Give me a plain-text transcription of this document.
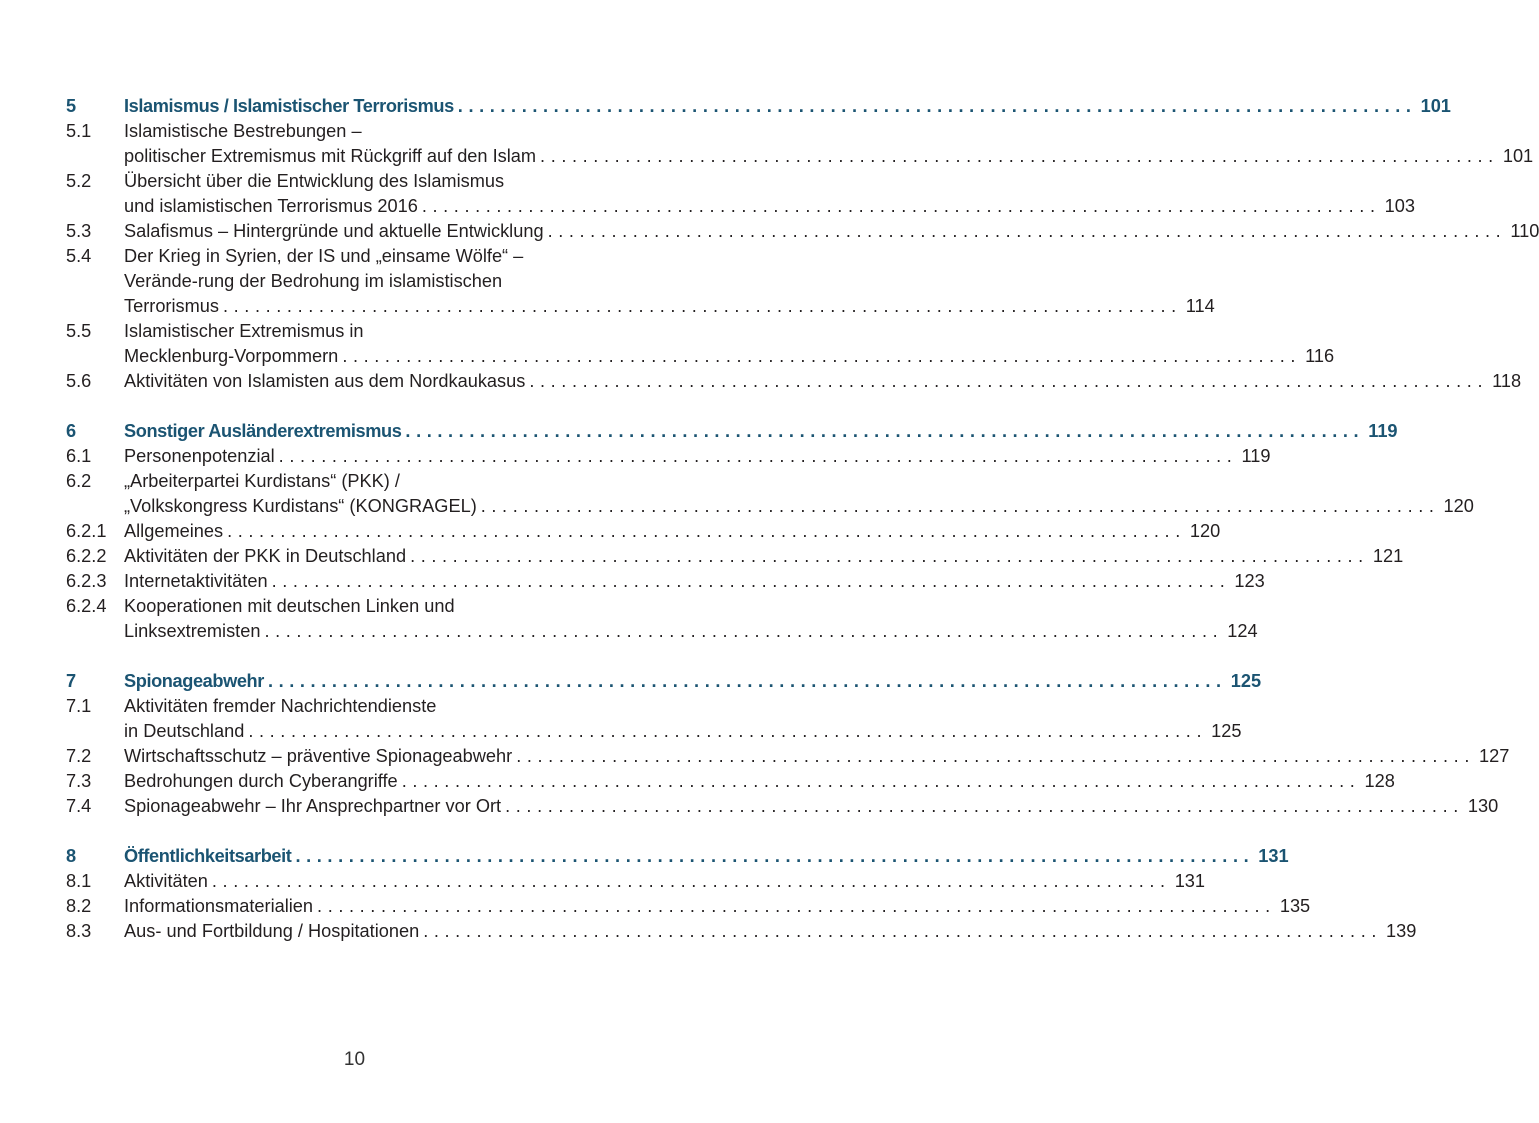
5	Islamismus / Islamistischer Terrorismus .......................................................................................... 101
5.1	Islamistische Bestrebungen –
politischer Extremismus mit Rückgriff auf den Islam .......................................................................................... 101
5.2	Übersicht über die Entwicklung des Islamismus
und islamistischen Terrorismus 2016 .......................................................................................... 103
5.3	Salafismus – Hintergründe und aktuelle Entwicklung .......................................................................................... 110
5.4	Der Krieg in Syrien, der IS und „einsame Wölfe“ –
Verände-rung der Bedrohung im islamistischen
Terrorismus .......................................................................................... 114
5.5	Islamistischer Extremismus in
Mecklenburg-Vorpommern .......................................................................................... 116
5.6	Aktivitäten von Islamisten aus dem Nordkaukasus .......................................................................................... 118
6	Sonstiger Ausländerextremismus .......................................................................................... 119
6.1	Personenpotenzial .......................................................................................... 119
6.2	„Arbeiterpartei Kurdistans“ (PKK) /
„Volkskongress Kurdistans“ (KONGRAGEL) .......................................................................................... 120
6.2.1 Allgemeines .......................................................................................... 120
6.2.2 Aktivitäten der PKK in Deutschland .......................................................................................... 121
6.2.3 Internetaktivitäten .......................................................................................... 123
6.2.4 Kooperationen mit deutschen Linken und
Linksextremisten .......................................................................................... 124
7	Spionageabwehr .......................................................................................... 125
7.1	Aktivitäten fremder Nachrichtendienste
in Deutschland .......................................................................................... 125
7.2	Wirtschaftsschutz – präventive Spionageabwehr .......................................................................................... 127
7.3	Bedrohungen durch Cyberangriffe .......................................................................................... 128
7.4	Spionageabwehr – Ihr Ansprechpartner vor Ort .......................................................................................... 130
8	Öffentlichkeitsarbeit .......................................................................................... 131
8.1	Aktivitäten .......................................................................................... 131
8.2	Informationsmaterialien .......................................................................................... 135
8.3	Aus- und Fortbildung / Hospitationen .......................................................................................... 139
10
